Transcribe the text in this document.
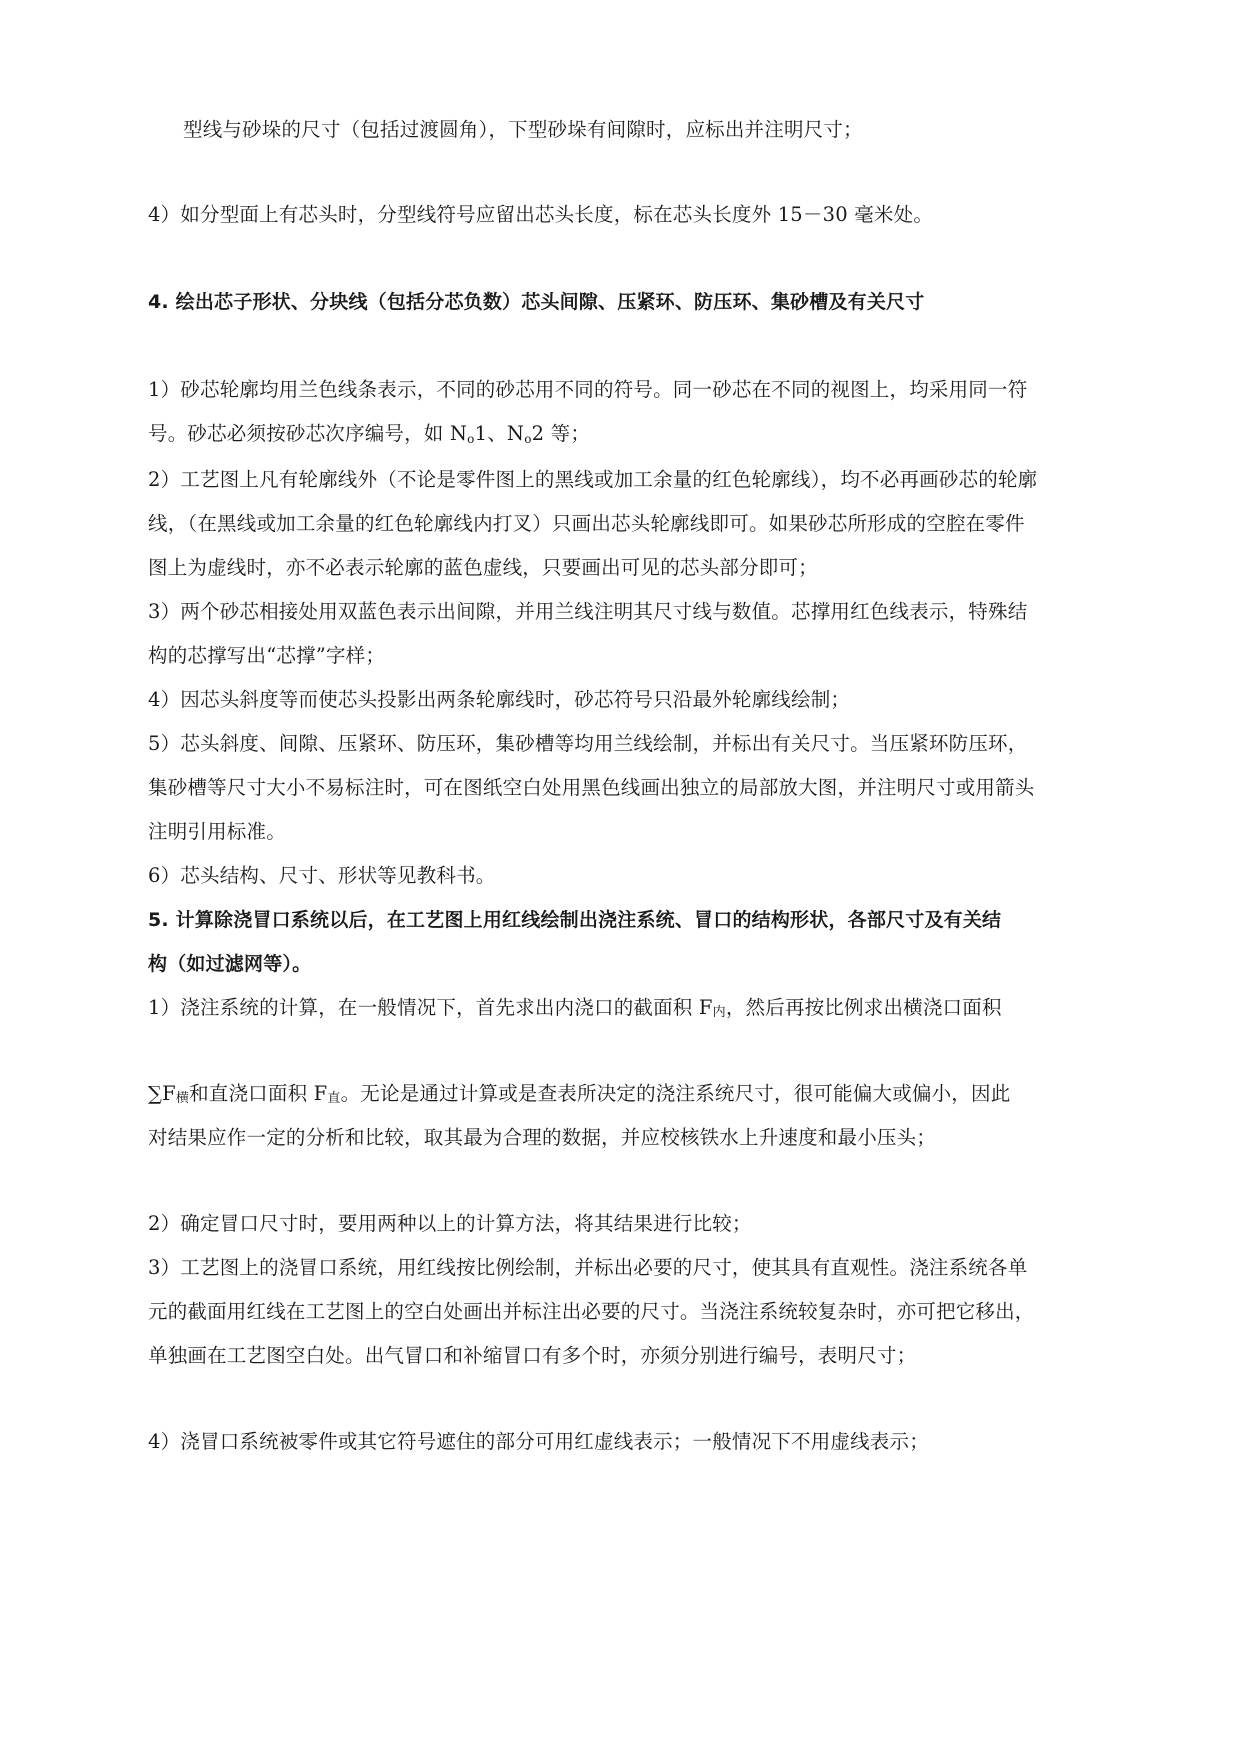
型线与砂垛的尺寸（包括过渡圆角），下型砂垛有间隙时，应标出并注明尺寸；
4）如分型面上有芯头时，分型线符号应留出芯头长度，标在芯头长度外 15－30 毫米处。
4. 绘出芯子形状、分块线（包括分芯负数）芯头间隙、压紧环、防压环、集砂槽及有关尺寸
1）砂芯轮廓均用兰色线条表示，不同的砂芯用不同的符号。同一砂芯在不同的视图上，均采用同一符
号。砂芯必须按砂芯次序编号，如 $N_o1$、$N_o2$ 等；
2）工艺图上凡有轮廓线外（不论是零件图上的黑线或加工余量的红色轮廓线），均不必再画砂芯的轮廓
线，（在黑线或加工余量的红色轮廓线内打叉）只画出芯头轮廓线即可。如果砂芯所形成的空腔在零件
图上为虚线时，亦不必表示轮廓的蓝色虚线，只要画出可见的芯头部分即可；
3）两个砂芯相接处用双蓝色表示出间隙，并用兰线注明其尺寸线与数值。芯撑用红色线表示，特殊结
构的芯撑写出“芯撑”字样；
4）因芯头斜度等而使芯头投影出两条轮廓线时，砂芯符号只沿最外轮廓线绘制；
5）芯头斜度、间隙、压紧环、防压环，集砂槽等均用兰线绘制，并标出有关尺寸。当压紧环防压环，
集砂槽等尺寸大小不易标注时，可在图纸空白处用黑色线画出独立的局部放大图，并注明尺寸或用箭头
注明引用标准。
6）芯头结构、尺寸、形状等见教科书。
5. 计算除浇冒口系统以后，在工艺图上用红线绘制出浇注系统、冒口的结构形状，各部尺寸及有关结
构（如过滤网等）。
1）浇注系统的计算，在一般情况下，首先求出内浇口的截面积 $F_内$，然后再按比例求出横浇口面积
$\sum F_横$和直浇口面积 $F_直$。无论是通过计算或是查表所决定的浇注系统尺寸，很可能偏大或偏小，因此
对结果应作一定的分析和比较，取其最为合理的数据，并应校核铁水上升速度和最小压头；
2）确定冒口尺寸时，要用两种以上的计算方法，将其结果进行比较；
3）工艺图上的浇冒口系统，用红线按比例绘制，并标出必要的尺寸，使其具有直观性。浇注系统各单
元的截面用红线在工艺图上的空白处画出并标注出必要的尺寸。当浇注系统较复杂时，亦可把它移出，
单独画在工艺图空白处。出气冒口和补缩冒口有多个时，亦须分别进行编号，表明尺寸；
4）浇冒口系统被零件或其它符号遮住的部分可用红虚线表示；一般情况下不用虚线表示；
